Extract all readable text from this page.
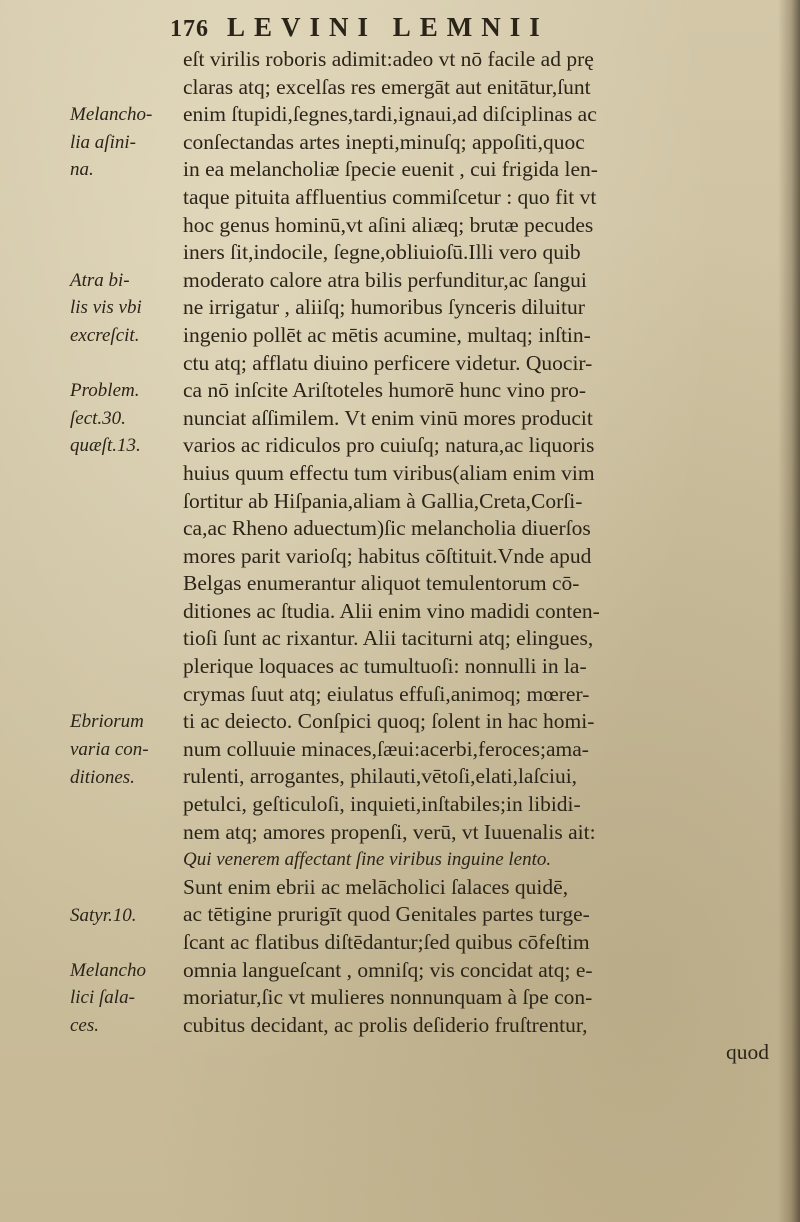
176 LEVINI LEMNII
eſt virilis roboris adimit:adeo vt nō facile ad prę
claras atq; excelſas res emergāt aut enitātur,ſunt
enim ſtupidi,ſegnes,tardi,ignaui,ad diſciplinas ac
conſectandas artes inepti,minuſq; appoſiti,quoc
in ea melancholiæ ſpecie euenit , cui frigida len-
taque pituita affluentius commiſcetur : quo fit vt
hoc genus hominū,vt aſini aliæq; brutæ pecudes
iners ſit,indocile, ſegne,obliuioſū.Illi vero quib
moderato calore atra bilis perfunditur,ac ſangui
ne irrigatur , aliiſq; humoribus ſynceris diluitur
ingenio pollēt ac mētis acumine, multaq; inſtin-
ctu atq; afflatu diuino perficere videtur. Quocir-
ca nō inſcite Ariſtoteles humorē hunc vino pro-
nunciat aſſimilem. Vt enim vinū mores producit
varios ac ridiculos pro cuiuſq; natura,ac liquoris
huius quum effectu tum viribus(aliam enim vim
ſortitur ab Hiſpania,aliam à Gallia,Creta,Corſi-
ca,ac Rheno aduectum)ſic melancholia diuerſos
mores parit varioſq; habitus cōſtituit.Vnde apud
Belgas enumerantur aliquot temulentorum cō-
ditiones ac ſtudia. Alii enim vino madidi conten-
tioſi ſunt ac rixantur. Alii taciturni atq; elingues,
plerique loquaces ac tumultuoſi: nonnulli in la-
crymas ſuut atq; eiulatus effuſi,animoq; mœrer-
ti ac deiecto. Conſpici quoq; ſolent in hac homi-
num colluuie minaces,ſæui:acerbi,feroces;ama-
rulenti, arrogantes, philauti,vētoſi,elati,laſciui,
petulci, geſticuloſi, inquieti,inſtabiles;in libidi-
nem atq; amores propenſi, verū, vt Iuuenalis ait:
Qui venerem affectant ſine viribus inguine lento.
Sunt enim ebrii ac melācholici ſalaces quidē,
ac tētigine prurigīt quod Genitales partes turge-
ſcant ac flatibus diſtēdantur;ſed quibus cōfeſtim
omnia langueſcant , omniſq; vis concidat atq; e-
moriatur,ſic vt mulieres nonnunquam à ſpe con-
cubitus decidant, ac prolis deſiderio fruſtrentur,
quod
Melancho-
lia aſini-
na.
Atra bi-
lis vis vbi
excreſcit.
Problem.
ſect.30.
quæſt.13.
Ebriorum
varia con-
ditiones.
Satyr.10.
Melancho
lici ſala-
ces.
